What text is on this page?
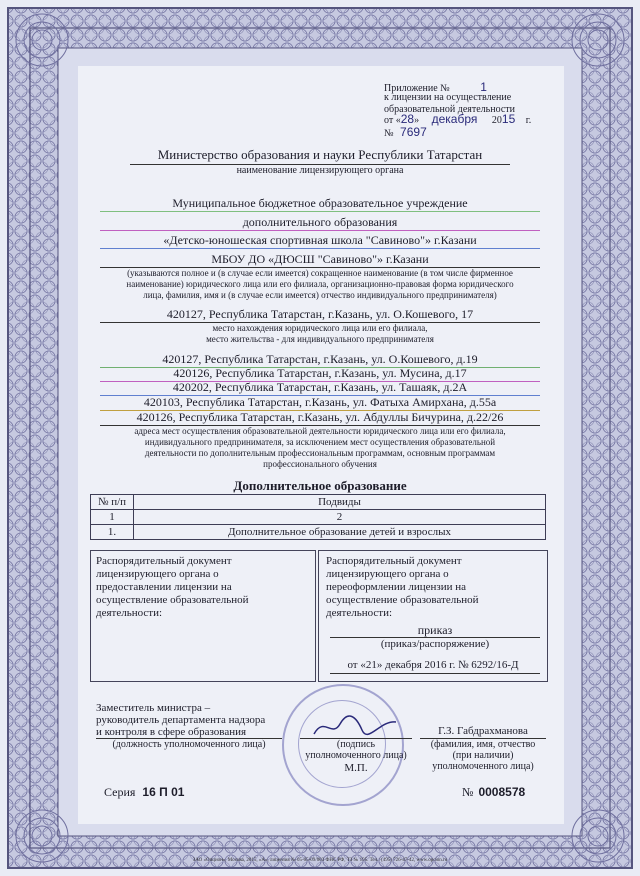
Приложение №	1
к лицензии на осуществление
образовательной деятельности
от «28» декабря 2015 г.
№ 7697
Министерство образования и науки Республики Татарстан
наименование лицензирующего органа
Муниципальное бюджетное образовательное учреждение
дополнительного образования
«Детско-юношеская спортивная школа "Савиново"» г.Казани
МБОУ ДО «ДЮСШ "Савиново"» г.Казани
(указываются полное и (в случае если имеется) сокращенное наименование (в том числе фирменное
наименование) юридического лица или его филиала, организационно-правовая форма юридического
лица, фамилия, имя и (в случае если имеется) отчество индивидуального предпринимателя)
420127, Республика Татарстан, г.Казань, ул. О.Кошевого, 17
место нахождения юридического лица или его филиала,
место жительства - для индивидуального предпринимателя
420127, Республика Татарстан, г.Казань, ул. О.Кошевого, д.19
420126, Республика Татарстан, г.Казань, ул. Мусина, д.17
420202, Республика Татарстан, г.Казань, ул. Ташаяк, д.2А
420103, Республика Татарстан, г.Казань, ул. Фатыха Амирхана, д.55а
420126, Республика Татарстан, г.Казань, ул. Абдуллы Бичурина, д.22/26
адреса мест осуществления образовательной деятельности юридического лица или его филиала,
индивидуального предпринимателя, за исключением мест осуществления образовательной
деятельности по дополнительным профессиональным программам, основным программам
профессионального обучения
Дополнительное образование
№ п/п	Подвиды
1	2
1.	Дополнительное образование детей и взрослых
Распорядительный документ
лицензирующего органа о
предоставлении лицензии на
осуществление образовательной
деятельности:
Распорядительный документ
лицензирующего органа о
переоформлении лицензии на
осуществление образовательной
деятельности:
приказ
(приказ/распоряжение)
от «21» декабря 2016 г. № 6292/16-Д
Заместитель министра –
руководитель департамента надзора
и контроля в сфере образования
(должность уполномоченного лица)	(подпись
уполномоченного лица)
М.П.
Г.З. Габдрахманова
(фамилия, имя, отчество
(при наличии)
уполномоченного лица)
Серия 16 П 01	№ 0008578
ЗАО «Опцион», Москва, 2015, «А», лицензия № 05-05-09/003 ФНС РФ, ТЗ № 195. Тел.: (495) 726-47-42, www.opcion.ru
